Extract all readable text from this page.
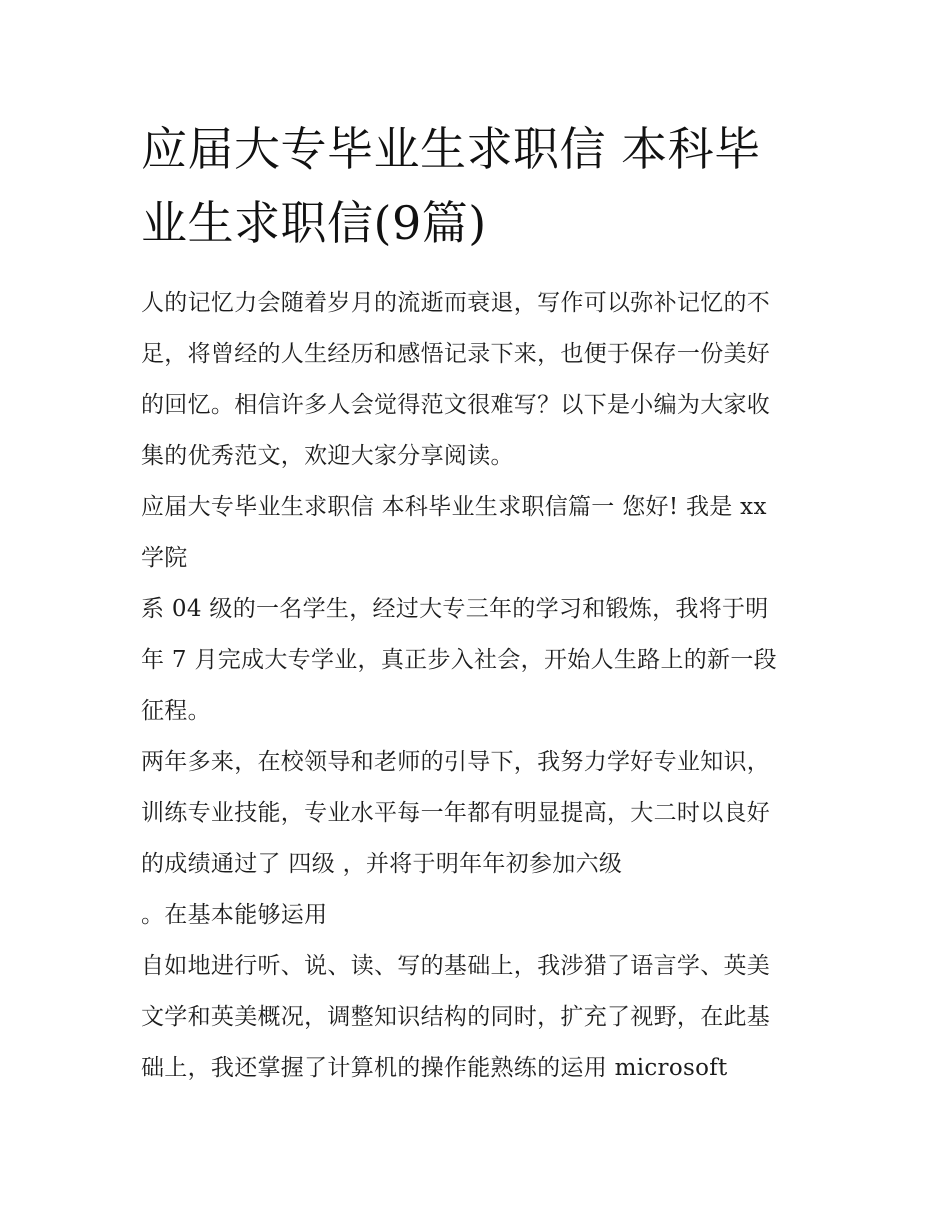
应届大专毕业生求职信 本科毕
业生求职信(9篇)

人的记忆力会随着岁月的流逝而衰退，写作可以弥补记忆的不
足，将曾经的人生经历和感悟记录下来，也便于保存一份美好
的回忆。相信许多人会觉得范文很难写？以下是小编为大家收
集的优秀范文，欢迎大家分享阅读。

应届大专毕业生求职信 本科毕业生求职信篇一 您好! 我是 xx
学院

系 04 级的一名学生，经过大专三年的学习和锻炼，我将于明
年 7 月完成大专学业，真正步入社会，开始人生路上的新一段
征程。

两年多来，在校领导和老师的引导下，我努力学好专业知识，
训练专业技能，专业水平每一年都有明显提高，大二时以良好
的成绩通过了 四级 ，并将于明年年初参加六级

。在基本能够运用

自如地进行听、说、读、写的基础上，我涉猎了语言学、英美
文学和英美概况，调整知识结构的同时，扩充了视野，在此基
础上，我还掌握了计算机的操作能熟练的运用 microsoft
